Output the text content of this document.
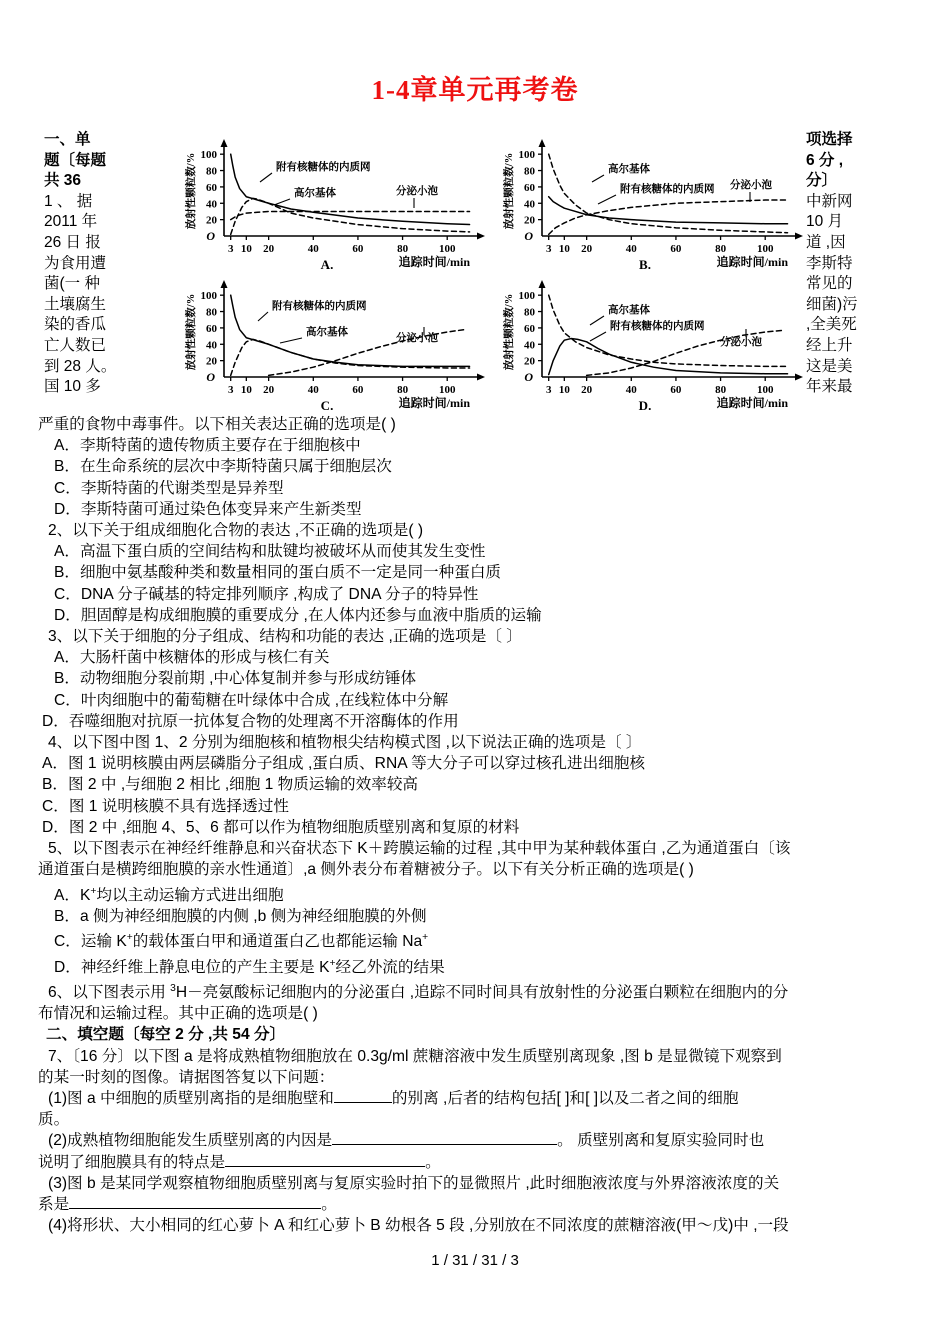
1-4章单元再考卷
一、单
题〔每题
共 36
1 、 据
2011 年
26 日 报
为食用遭
菌(一 种
土壤腐生
染的香瓜
亡人数已
到 28 人。
国 10 多
项选择
6 分 ,
分〕
中新网
10 月
道 ,因
李斯特
常见的
细菌)污
,全美死
经上升
这是美
年来最
20
40
60
80
100
O
3 10 20	40	60	80	100
追踪时间/min
放射性颗粒数/%	附有核糖体的内质网
高尔基体	分泌小泡
A.
20
40
60
80
100
O
3 10 20	40	60	80	100
追踪时间/min
放射性颗粒数/%	高尔基体
附有核糖体的内质网 分泌小泡
B.
20
40
60
80
100
O
3 10 20	40	60	80	100
追踪时间/min
放射性颗粒数/%	附有核糖体的内质网
高尔基体
分泌小泡
C.
20
40
60
80
100
O
3 10 20	40	60	80	100
追踪时间/min
放射性颗粒数/%	高尔基体
附有核糖体的内质网
分泌小泡
D.

严重的食物中毒事件。以下相关表达正确的选项是( )

A．李斯特菌的遗传物质主要存在于细胞核中

B．在生命系统的层次中李斯特菌只属于细胞层次

C．李斯特菌的代谢类型是异养型

D．李斯特菌可通过染色体变异来产生新类型

2、以下关于组成细胞化合物的表达 ,不正确的选项是( )

A．高温下蛋白质的空间结构和肽键均被破坏从而使其发生变性

B．细胞中氨基酸种类和数量相同的蛋白质不一定是同一种蛋白质

C．DNA 分子碱基的特定排列顺序 ,构成了 DNA 分子的特异性

D．胆固醇是构成细胞膜的重要成分 ,在人体内还参与血液中脂质的运输

3、以下关于细胞的分子组成、结构和功能的表达 ,正确的选项是〔 〕

A．大肠杆菌中核糖体的形成与核仁有关

B．动物细胞分裂前期 ,中心体复制并参与形成纺锤体

C．叶肉细胞中的葡萄糖在叶绿体中合成 ,在线粒体中分解

D．吞噬细胞对抗原一抗体复合物的处理离不开溶酶体的作用

4、以下图中图 1、2 分别为细胞核和植物根尖结构模式图 ,以下说法正确的选项是〔 〕

A．图 1 说明核膜由两层磷脂分子组成 ,蛋白质、RNA 等大分子可以穿过核孔进出细胞核

B．图 2 中 ,与细胞 2 相比 ,细胞 1 物质运输的效率较高

C．图 1 说明核膜不具有选择透过性

D．图 2 中 ,细胞 4、5、6 都可以作为植物细胞质壁别离和复原的材料

5、以下图表示在神经纤维静息和兴奋状态下 K＋跨膜运输的过程 ,其中甲为某种载体蛋白 ,乙为通道蛋白〔该

通道蛋白是横跨细胞膜的亲水性通道〕,a 侧外表分布着糖被分子。以下有关分析正确的选项是( )

A．K+均以主动运输方式进出细胞

B．a 侧为神经细胞膜的内侧 ,b 侧为神经细胞膜的外侧

C．运输 K+的载体蛋白甲和通道蛋白乙也都能运输 Na+

D．神经纤维上静息电位的产生主要是 K+经乙外流的结果

6、以下图表示用 $^3$H－亮氨酸标记细胞内的分泌蛋白 ,追踪不同时间具有放射性的分泌蛋白颗粒在细胞内的分

布情况和运输过程。其中正确的选项是( )

二、填空题〔每空 2 分 ,共 54 分〕

7、〔16 分〕以下图 a 是将成熟植物细胞放在 0.3g/ml 蔗糖溶液中发生质壁别离现象 ,图 b 是显微镜下观察到

的某一时刻的图像。请据图答复以下问题：

(1)图 a 中细胞的质壁别离指的是细胞壁和	的别离 ,后者的结构包括[ ]和[ ]以及二者之间的细胞

质。

(2)成熟植物细胞能发生质壁别离的内因是	。 质壁别离和复原实验同时也

说明了细胞膜具有的特点是	。

(3)图 b 是某同学观察植物细胞质壁别离与复原实验时拍下的显微照片 ,此时细胞液浓度与外界溶液浓度的关

系是	。

(4)将形状、大小相同的红心萝卜 A 和红心萝卜 B 幼根各 5 段 ,分别放在不同浓度的蔗糖溶液(甲～戊)中 ,一段

1 / 31 / 31 / 3
